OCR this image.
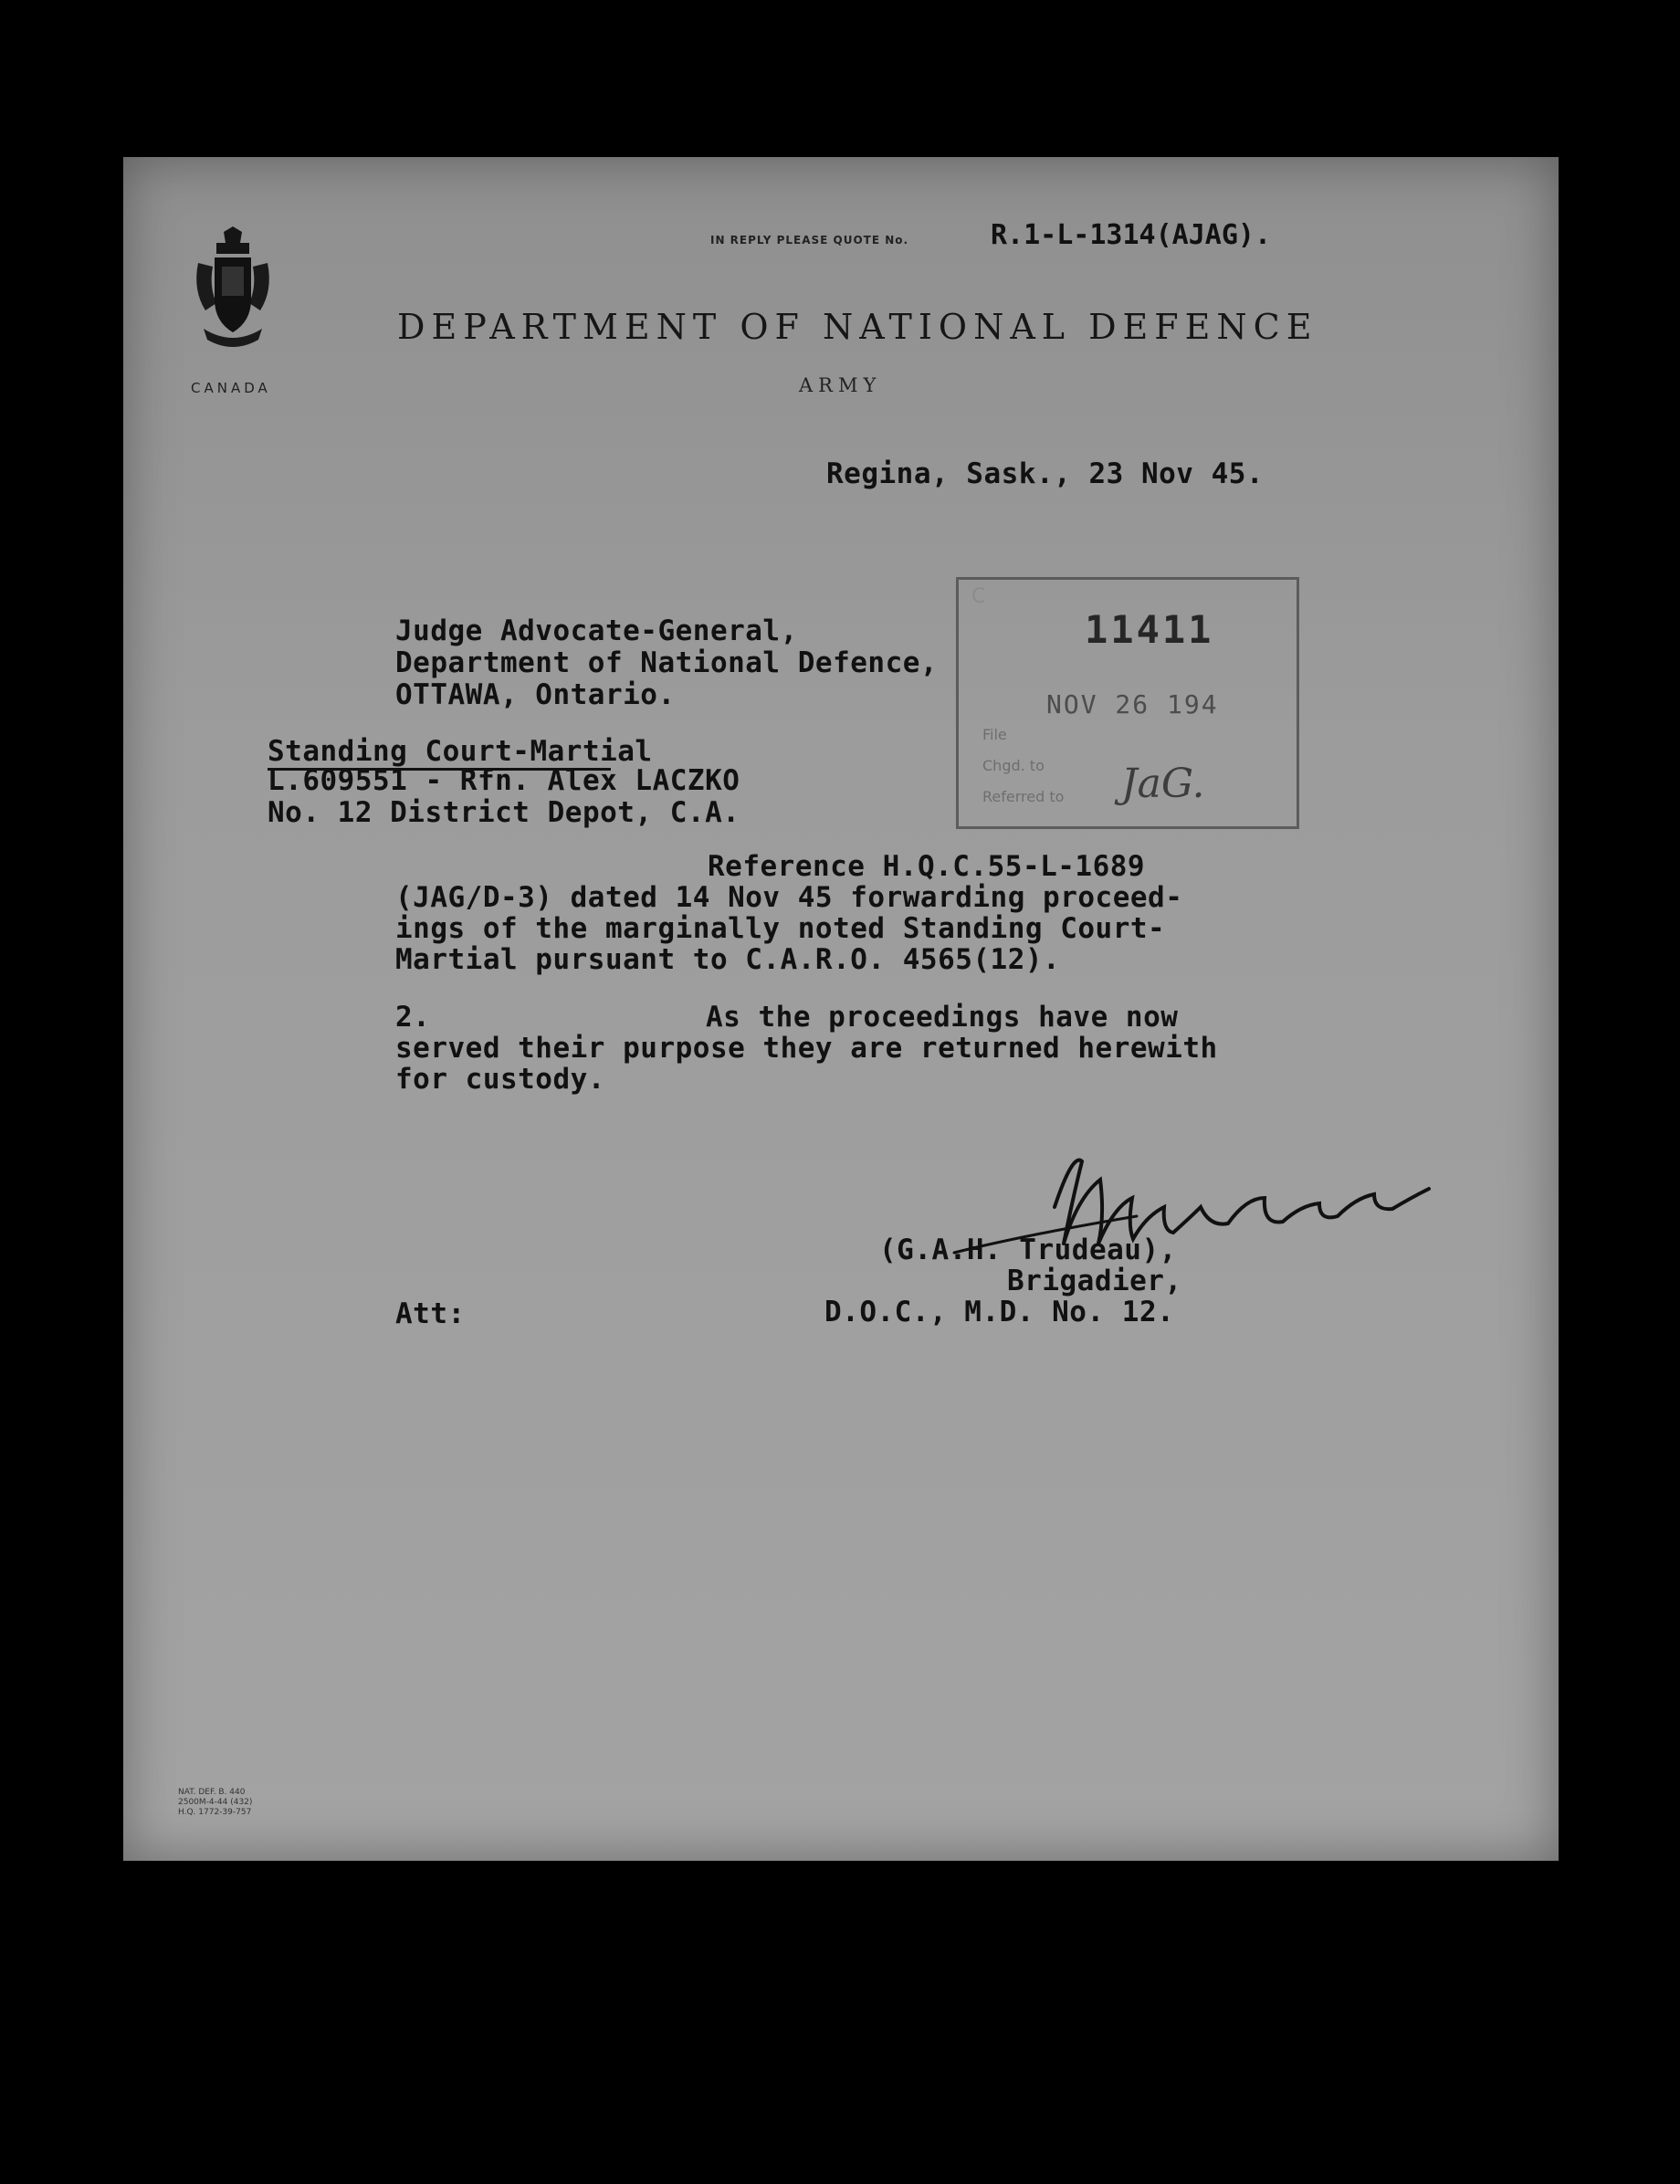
CANADA
IN REPLY PLEASE QUOTE No.	R.1-L-1314(AJAG).
DEPARTMENT OF NATIONAL DEFENCE
ARMY
Regina, Sask., 23 Nov 45.
Judge Advocate-General,
Department of National Defence,
OTTAWA, Ontario.
Standing Court-Martial
L.609551 - Rfn. Alex LACZKO
No. 12 District Depot, C.A.
C
11411
NOV 26 194
File
Chgd. to
Referred to JaG.
Reference H.Q.C.55-L-1689
(JAG/D-3) dated 14 Nov 45 forwarding proceed-
ings of the marginally noted Standing Court-
Martial pursuant to C.A.R.O. 4565(12).
2.	As the proceedings have now
served their purpose they are returned herewith
for custody.
(G.A.H. Trudeau),
Brigadier,
D.O.C., M.D. No. 12.
Att:
NAT. DEF. B. 440
2500M-4-44 (432)
H.Q. 1772-39-757
